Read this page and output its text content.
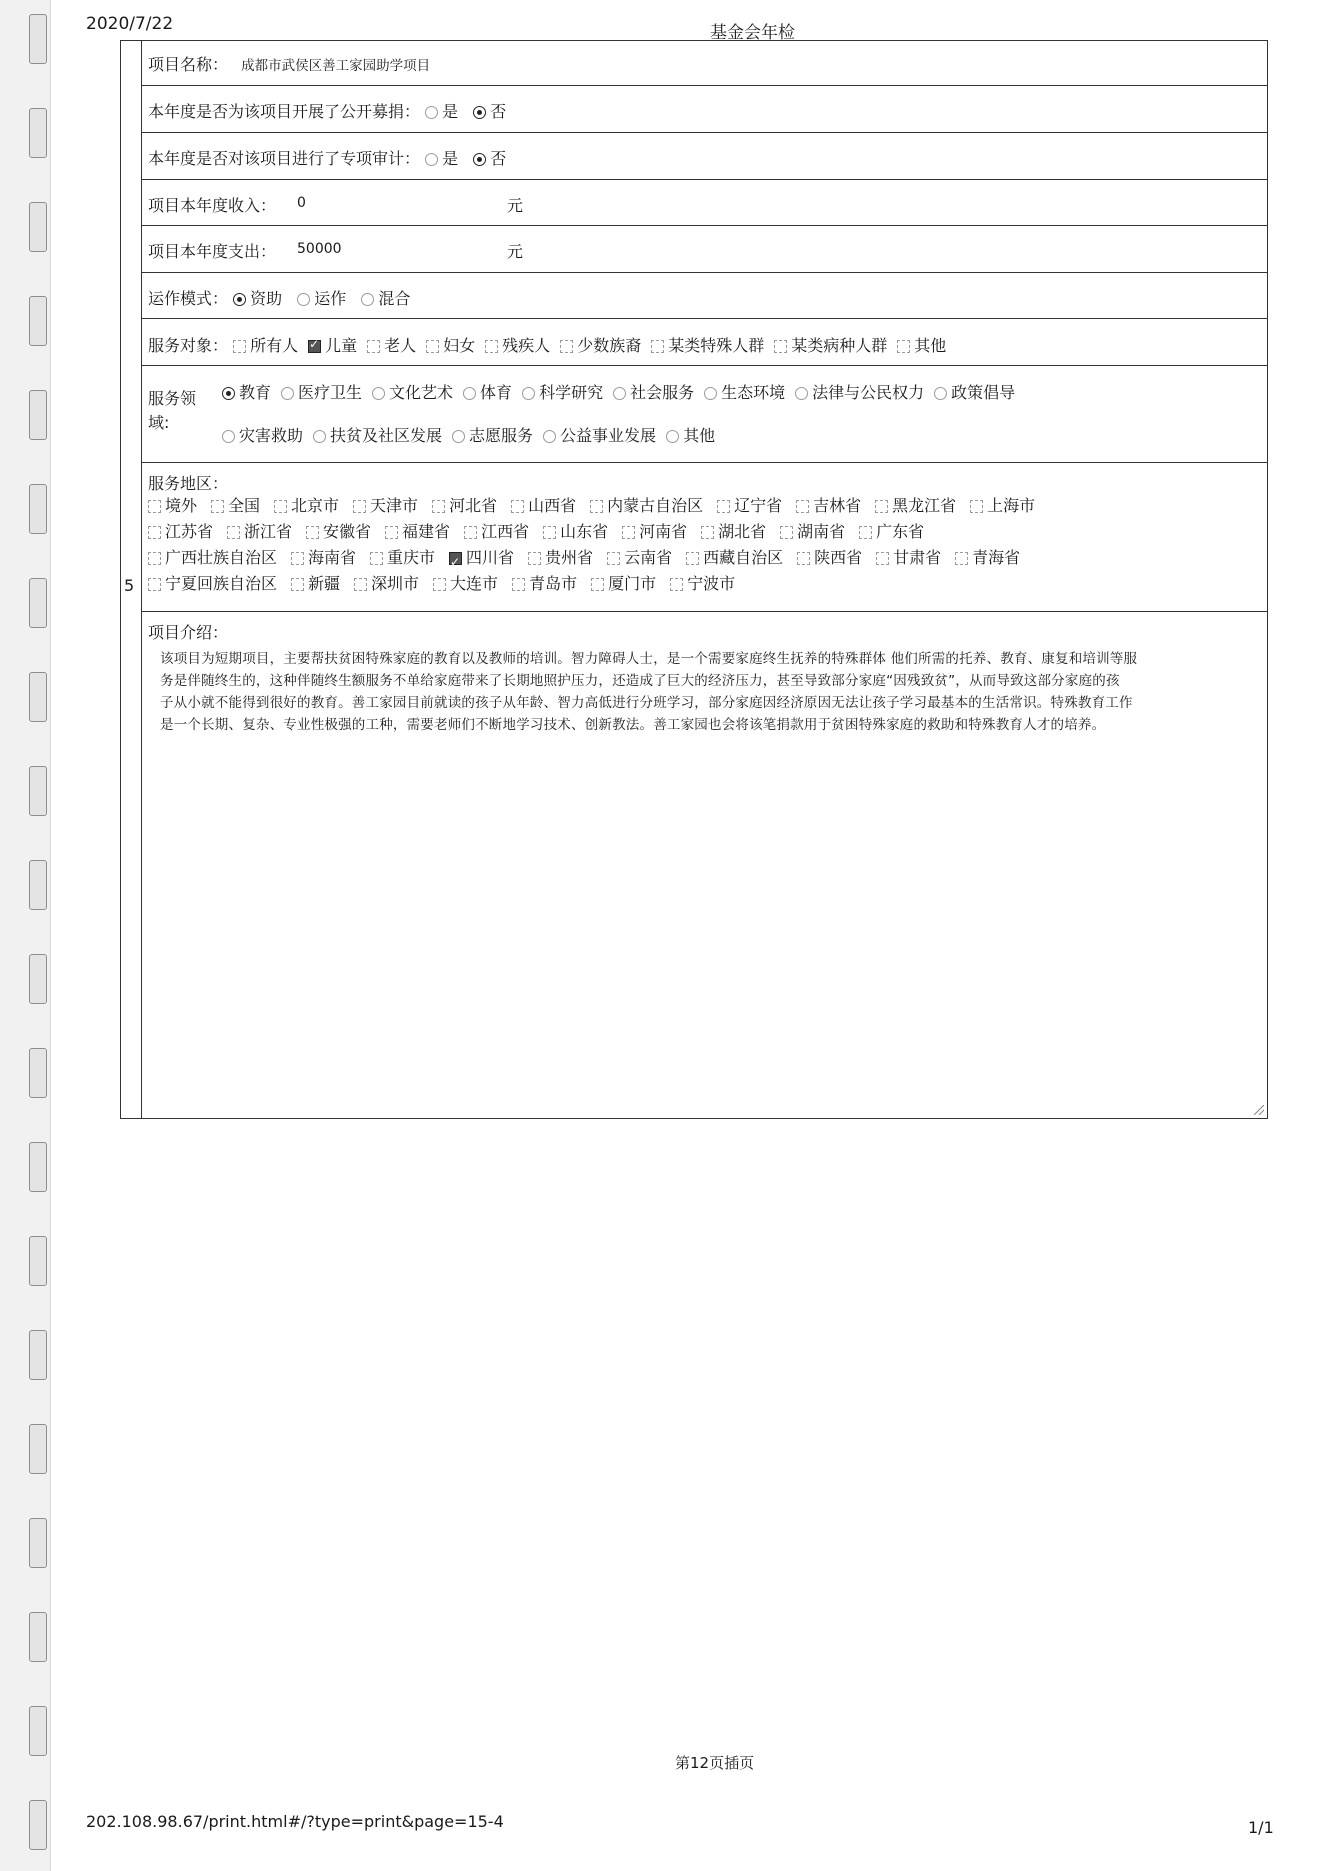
2020/7/22	基金会年检
5
项目名称： 成都市武侯区善工家园助学项目
本年度是否为该项目开展了公开募捐： 是 否
本年度是否对该项目进行了专项审计： 是 否
项目本年度收入： 0	元
项目本年度支出： 50000	元
运作模式： 资助 运作 混合
服务对象： 所有人 ✓ 儿童 老人 妇女 残疾人 少数族裔 某类特殊人群 某类病种人群 其他
服务领
域:
教育 医疗卫生 文化艺术 体育 科学研究 社会服务 生态环境 法律与公民权力 政策倡导
灾害救助 扶贫及社区发展 志愿服务 公益事业发展 其他
服务地区：
境外 全国 北京市 天津市 河北省 山西省 内蒙古自治区 辽宁省 吉林省 黑龙江省 上海市
江苏省 浙江省 安徽省 福建省 江西省 山东省 河南省 湖北省 湖南省 广东省
广西壮族自治区 海南省 重庆市 ✓ 四川省 贵州省 云南省 西藏自治区 陕西省 甘肃省 青海省
宁夏回族自治区 新疆 深圳市 大连市 青岛市 厦门市 宁波市
项目介绍：
该项目为短期项目，主要帮扶贫困特殊家庭的教育以及教师的培训。智力障碍人士，是一个需要家庭终生抚养的特殊群体 他们所需的托养、教育、康复和培训等服
务是伴随终生的，这种伴随终生额服务不单给家庭带来了长期地照护压力，还造成了巨大的经济压力，甚至导致部分家庭“因残致贫”，从而导致这部分家庭的孩
子从小就不能得到很好的教育。善工家园目前就读的孩子从年龄、智力高低进行分班学习，部分家庭因经济原因无法让孩子学习最基本的生活常识。特殊教育工作
是一个长期、复杂、专业性极强的工种，需要老师们不断地学习技术、创新教法。善工家园也会将该笔捐款用于贫困特殊家庭的救助和特殊教育人才的培养。
第12页插页
202.108.98.67/print.html#/?type=print&page=15-4	1/1
